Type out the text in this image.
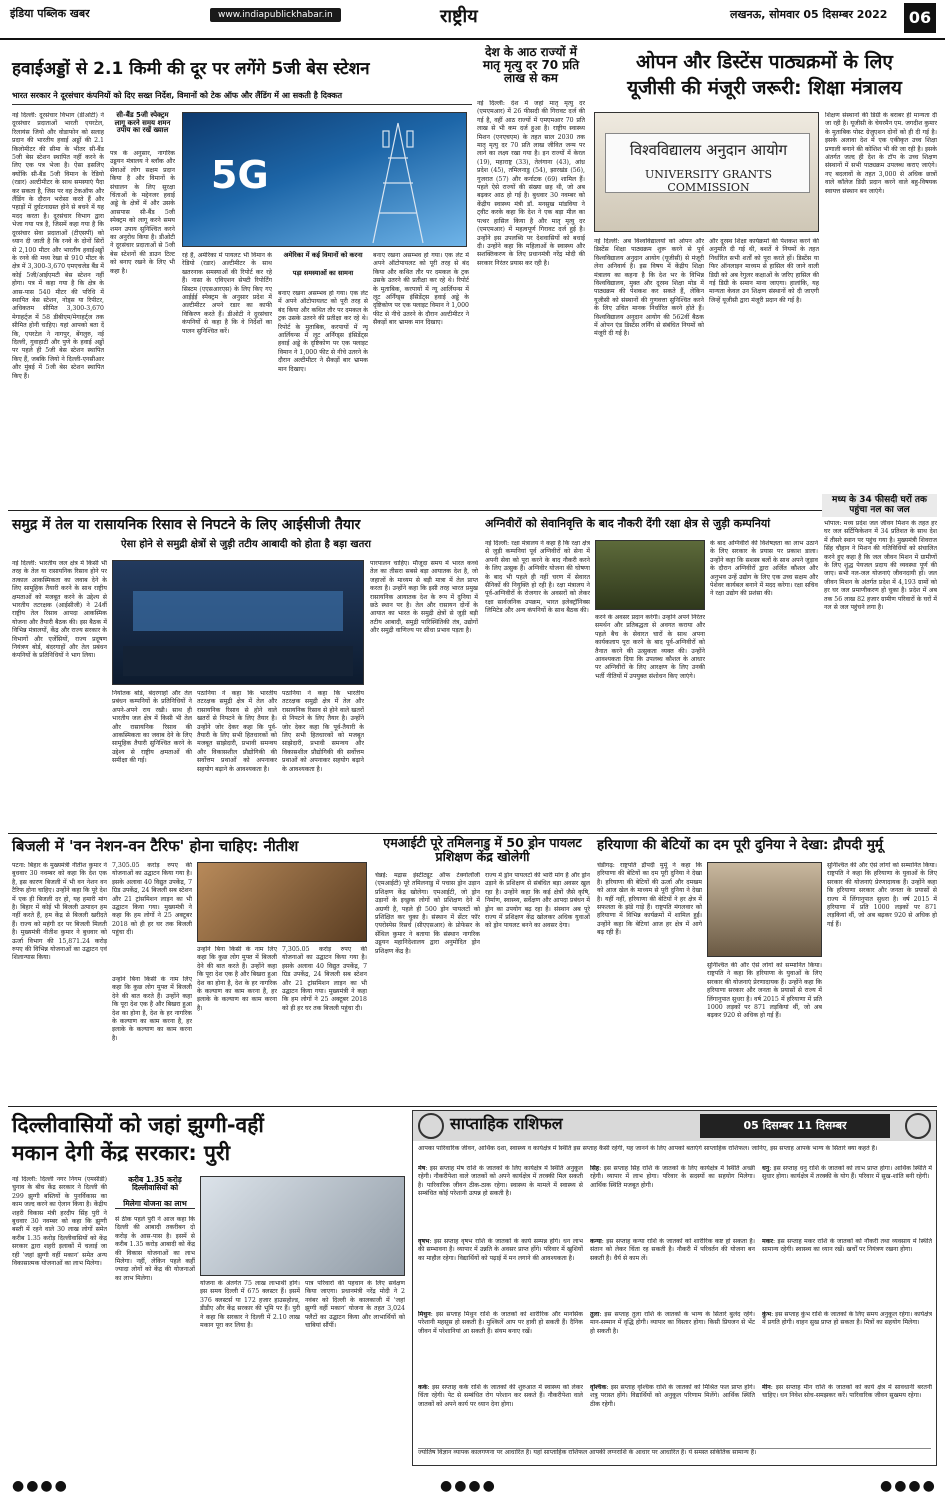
इंडिया पब्लिक खबर	www.indiapublickhabar.in	राष्ट्रीय	लखनऊ, सोमवार 05 दिसम्बर 2022	06
हवाईअड्डों से 2.1 किमी की दूर पर लगेंगे 5जी बेस स्टेशन
भारत सरकार ने दूरसंचार कंपनियों को दिए सख्त निर्देश, विमानों को टेक ऑफ और लैंडिंग में आ सकती है दिक्कत
नई दिल्ली: दूरसंचार विभाग (डीओटी) ने दूरसंचार प्रदाताओं भारती एयरटेल, रिलायंस जियो और वोडाफोन को सलाह प्रदान की भारतीय हवाई अड्डों की 2.1 किलोमीटर की सीमा के भीतर सी-बैंड 5जी बेस स्टेशन स्थापित नहीं करने के लिए एक पत्र भेजा है। ऐसा इसलिए क्योंकि सी-बैंड 5जी विमान के रेडियो (रडार) अल्टीमीटर के साथ समस्याएं पैदा कर सकता है, जिस पर वह टेकऑफ और लैंडिंग के दौरान भरोसा करते हैं और पहाड़ों में दुर्घटनाग्रस्त होने से बचने में यह मदद करता है। दूरसंचार विभाग द्वारा भेजा गया पत्र है, जिसमें कहा गया है कि दूरसंचार सेवा प्रदाताओं (टीएसपी) को ध्यान दी जाती है कि रनवे के दोनों सिरों से 2,100 मीटर और भारतीय हवाईअड्डों के रनवे की मध्य रेखा से 910 मीटर के क्षेत्र में 3,300-3,670 एमएचजेड बैंड में कोई 5जी/आईएमटी बेस स्टेशन नहीं होगा। पत्र में कहा गया है कि क्षेत्र के आस-पास 540 मीटर की परिधि में स्थापित बेस स्टेशन, नोड्स या रिपीटर, अधिकतम सीमित 3,300-3,670 मेगाहर्ट्ज में 58 डीबीएम/मेगाहर्ट्ज तक सीमित होनी चाहिए। यहां आपको बता दें कि, एयरटेल ने नागपुर, बेंगलुरु, नई दिल्ली, गुवाहाटी और पुणे के हवाई अड्डों पर पहले ही 5जी बेस स्टेशन स्थापित किए हैं, जबकि जियो ने दिल्ली-एनसीआर और मुंबई में 5जी बेस स्टेशन स्थापित किए हैं।
सी-बैंड 5जी स्पेक्ट्रम लागू करने समय शमन उपाय का रखें ख्याल
पत्र के अनुसार, नागरिक उड्डयन मंत्रालय ने ब्लॉक और सेवाओं लोग सक्षम प्रदान किया है और विमानों के संचालन के लिए सुरक्षा चिंताओं के मद्देनजर हवाई अड्डे के क्षेत्रों में और उसके आसपास सी-बैंड 5जी स्पेक्ट्रम को लागू करने समय शमन उपाय सुनिश्चित करने का अनुरोध किया है। डीओटी ने दूरसंचार प्रदाताओं से 5जी बेस स्टेशनों की डाउन टिल्ट को बनाए रखने के लिए भी कहा है।
5G
रहे हैं, अमेरिका में पायलट भी विमान के रेडियो (रडार) अल्टीमीटर के साथ खतरनाक समस्याओं की रिपोर्ट कर रहे हैं। नासा के एविएशन सेफ्टी रिपोर्टिंग सिस्टम (एएसआरएस) के लिए किए गए आईईई स्पेक्ट्रम के अनुसार प्रदेश में अल्टीमीटर अपने रडार का काफी विकिरण करते हैं। डीओटी ने दूरसंचार कंपनियों से कहा है कि वे निर्देशों का पालन सुनिश्चित करें।
अमेरिका में कई विमानों को करना
पड़ा समस्याओं का सामना
बनाए रखना असम्भव हो गया। एक लेट में अपने ऑटोपायलट को पूरी तरह से बंद किया और कथित तौर पर दमकल के ट्रक उसके उतरने की प्रतीक्षा कर रहे थे। रिपोर्ट के मुताबिक, करपायों में न्यू आर्लियन्स में लूट अर्निंग्ड्स इंसिडेंट्स हवाई अड्डे के दृष्टिकोण पर एक फ्लाइट विमान ने 1,000 फीट से नीचे उतरने के दौरान अल्टीमीटर ने सैकड़ों बार भ्रामक मान दिखाए।
बनाए रखना असम्भव हो गया। एक लेट में अपने ऑटोपायलट को पूरी तरह से बंद किया और कथित तौर पर दमकल के ट्रक उसके उतरने की प्रतीक्षा कर रहे थे। रिपोर्ट के मुताबिक, करपायों में न्यू आर्लियन्स में लूट अर्निंग्ड्स इंसिडेंट्स हवाई अड्डे के दृष्टिकोण पर एक फ्लाइट विमान ने 1,000 फीट से नीचे उतरने के दौरान अल्टीमीटर ने सैकड़ों बार भ्रामक मान दिखाए।
देश के आठ राज्यों में मातृ मृत्यु दर 70 प्रति लाख से कम
नई दिल्ली: देश में जहां मातृ मृत्यु दर (एमएमआर) में 26 फीसदी की गिरावट दर्ज की गई है, वहीं आठ राज्यों में एमएमआर 70 प्रति लाख से भी कम दर्ज हुआ है। राष्ट्रीय स्वास्थ्य मिशन (एनएचएम) के तहत साल 2030 तक मातृ मृत्यु दर 70 प्रति लाख जीवित जन्म पर लाने का लक्ष्य रखा गया है। इन राज्यों में केरल (19), महाराष्ट्र (33), तेलंगाना (43), आंध्र प्रदेश (45), तमिलनाडु (54), झारखंड (56), गुजरात (57) और कर्नाटक (69) शामिल हैं। पहले ऐसे राज्यों की संख्या छह थी, जो अब बढ़कर आठ हो गई है। बुधवार 30 नवम्बर को केंद्रीय स्वास्थ्य मंत्री डॉ. मनसुख मांडविया ने ट्वीट करके कहा कि देश ने एक बड़ा मील का पत्थर हासिल किया है और मातृ मृत्यु दर (एमएमआर) में महत्वपूर्ण गिरावट दर्ज हुई है। उन्होंने इस उपलब्धि पर देशवासियों को बधाई दी। उन्होंने कहा कि महिलाओं के स्वास्थ्य और सशक्तिकरण के लिए प्रधानमंत्री नरेंद्र मोदी की सरकार निरंतर प्रयास कर रही है।
ओपन और डिस्टेंस पाठ्यक्रमों के लिए
यूजीसी की मंजूरी जरूरी: शिक्षा मंत्रालय
विश्वविद्यालय अनुदान आयोग
UNIVERSITY GRANTS COMMISSION
नई दिल्ली: अब विश्वविद्यालयों को ओपन और डिस्टेंस शिक्षा पाठ्यक्रम शुरू करने से पूर्व विश्वविद्यालय अनुदान आयोग (यूजीसी) से मंजूरी लेना अनिवार्य है। इस विषय में केंद्रीय शिक्षा मंत्रालय का कहना है कि देश भर के विभिन्न विश्वविद्यालय, मुक्त और दूरस्थ शिक्षा मोड में पाठ्यक्रम की पेशकश कर सकते हैं, लेकिन यूजीसी को संस्थानों की गुणवत्ता सुनिश्चित करने के लिए उचित मानक निर्धारित करने होते हैं। विश्वविद्यालय अनुदान आयोग की 562वीं बैठक में ओपन एंड डिस्टेंस लर्निंग से संबंधित नियमों को मंजूरी दी गई है।
और दूरस्थ शिक्षा कार्यक्रमों की पेशकश करने की अनुमति दी गई थी, बशर्ते वे नियमों के तहत निर्धारित सभी शर्तों को पूरा करते हों। डिस्टेंस या फिर ऑनलाइन माध्यम से हासिल की जाने वाली डिग्री को अब रेगुलर कक्षाओं के जरिए हासिल की गई डिग्री के समान माना जाएगा। हालांकि, यह मान्यता केवल उन शिक्षण संस्थानों को दी जाएगी जिन्हें यूजीसी द्वारा मंजूरी प्रदान की गई है।
शिक्षण संस्थानों की डिग्री के बराबर ही मान्यता दी जा रही है। यूजीसी के चेयरमैन एम. जगदीश कुमार के मुताबिक पोस्ट ग्रेजुएशन दोनों को ही दी गई है। इसके अलावा देश में एक एकीकृत उच्च शिक्षा प्रणाली बनाने की कोशिश भी की जा रही है। इसके अंतर्गत जल्द ही देश के टॉप के उच्च शिक्षण संस्थानों में सभी पाठ्यक्रम उपलब्ध कराए जाएंगे। नए बदलावों के तहत 3,000 से अधिक छात्रों वाले कॉलेज डिग्री प्रदान करने वाले बहु-विषयक स्वायत्त संस्थान बन जाएंगे।
समुद्र में तेल या रासायनिक रिसाव से निपटने के लिए आईसीजी तैयार
ऐसा होने से समुद्री क्षेत्रों से जुड़ी तटीय आबादी को होता है बड़ा खतरा
नई दिल्ली: भारतीय जल क्षेत्र में किसी भी तरह के तेल या रासायनिक रिसाव होने पर तत्काल आकस्मिकता का जवाब देने के लिए सामूहिक तैयारी करने के साथ राष्ट्रीय क्षमताओं को मजबूत करने के उद्देश्य से भारतीय तटरक्षक (आईसीजी) ने 24वीं राष्ट्रीय तेल रिसाव आपदा आकस्मिक योजना और तैयारी बैठक की। इस बैठक में विभिन्न मंत्रालयों, केंद्र और राज्य सरकार के विभागों और एजेंसियों, राज्य प्रदूषण नियंत्रण बोर्ड, बंदरगाहों और तेल प्रबंधन कंपनियों के प्रतिनिधियों ने भाग लिया।
निर्यातक बोर्ड, बंदरगाहों और तेल प्रबंधन कम्पनियों के प्रतिनिधियों ने अपने-अपने राय रखी। साथ ही भारतीय जल क्षेत्र में किसी भी तेल और रासायनिक रिसाव की आकस्मिकता का जवाब देने के लिए सामूहिक तैयारी सुनिश्चित करने के उद्देश्य से राष्ट्रीय क्षमताओं की समीक्षा की गई।
पठानिया ने कहा कि भारतीय तटरक्षक समुद्री क्षेत्र में तेल और रासायनिक रिसाव से होने वाले खतरों से निपटने के लिए तैयार है। उन्होंने जोर देकर कहा कि पूर्व-तैयारी के लिए सभी हितधारकों को मजबूत साझेदारी, प्रभावी समन्वय और विकासशील प्रौद्योगिकी की सर्वोत्तम प्रथाओं को अपनाकर सहयोग बढ़ाने के आवश्यकता है।
पठानिया ने कहा कि भारतीय तटरक्षक समुद्री क्षेत्र में तेल और रासायनिक रिसाव से होने वाले खतरों से निपटने के लिए तैयार है। उन्होंने जोर देकर कहा कि पूर्व-तैयारी के लिए सभी हितधारकों को मजबूत साझेदारी, प्रभावी समन्वय और विकासशील प्रौद्योगिकी की सर्वोत्तम प्रथाओं को अपनाकर सहयोग बढ़ाने के आवश्यकता है।
पारपालन चाहिए। मौजूदा समय में भारत कच्चे तेल का तीसरा सबसे बड़ा आयातक देश है, जो जहाजों के माध्यम से बड़ी मात्रा में तेल प्राप्त करता है। उन्होंने कहा कि इसी तरह भारत प्रमुख रासायनिक आयातक देश के रूप में दुनिया में छठे स्थान पर है। तेल और रासायन दोनों के आयात का भारत के समुद्री क्षेत्रों से जुड़ी बड़ी तटीय आबादी, समुद्री पारिस्थितिकी तंत्र, उद्योगों और समुद्री वाणिज्य पर सीधा प्रभाव पड़ता है।
अग्निवीरों को सेवानिवृत्ति के बाद नौकरी देंगी रक्षा क्षेत्र से जुड़ी कम्पनियां
नई दिल्ली: रक्षा मंत्रालय ने कहा है कि रक्षा क्षेत्र से जुड़ी कम्पनियां पूर्व अग्निवीरों को सेना में अपनी सेवा को पूरा करने के बाद नौकरी करने के लिए उत्सुक हैं। अग्निवीर योजना की घोषणा के बाद भी पहले ही नहीं चरण में सेवारत सैनिकों की नियुक्ति हो रही है। रक्षा मंत्रालय ने पूर्व-अग्निवीरों के रोजगार के अवसरों को लेकर रक्षा सार्वजनिक उपक्रम, भारत इलेक्ट्रॉनिक्स लिमिटेड और अन्य कंपनियों के साथ बैठक की।
करने के अवसर प्रदान करेगी। उन्होंने अपने निरंतर समर्थन और प्रतिबद्धता से अवगत कराया और पहले बैच के सेवारत चारों के साथ अपना कार्यकलाप पूरा करने के बाद पूर्व-अग्निवीरों को तैनात करने की उत्सुकता व्यक्त की। उन्होंने आवश्यकता दिया कि उपलब्ध कौशल के आधार पर अग्निवीरों के लिए आरक्षण के लिए उनकी भर्ती नीतियों में उपयुक्त संशोधन किए जाएंगे।
के बाद अग्निवीरों की विशेषज्ञता का लाभ उठाने के लिए सरकार के प्रयास पर प्रकाश डाला। उन्होंने कहा कि सशस्त्र बलों के साथ अपने जुड़ाव के दौरान अग्निवीरों द्वारा अर्जित कौशल और अनुभव उन्हें उद्योग के लिए एक उच्च सक्षम और पेशेवर कार्यबल बनाने में मदद करेगा। रक्षा सचिव ने रक्षा उद्योग की प्रशंसा की।
मध्य के 34 फीसदी घरों तक पहुंचा नल का जल
भोपाल: मध्य प्रदेश जल जीवन मिशन के तहत हर घर जल सर्टिफिकेशन में 34 प्रतिशत के साथ देश में तीसरे स्थान पर पहुंच गया है। मुख्यमंत्री शिवराज सिंह चौहान ने मिशन की गतिविधियों को संचालित करने हुए कहा है कि जल जीवन मिशन में ग्रामीणों के लिए शुद्ध पेयजल प्रदाय की व्यवस्था पूर्ण की जाए। सभी नल-जल योजनाएं जीवनदायी हों। जल जीवन मिशन के अंतर्गत प्रदेश में 4,193 ग्रामों को हर घर जल प्रमाणीकरण हो चुका है। प्रदेश में अब तक 56 लाख 82 हजार ग्रामीण परिवारों के घरों में नल से जल पहुंचने लगा है।
बिजली में 'वन नेशन-वन टैरिफ' होना चाहिए: नीतीश
पटना: बिहार के मुख्यमंत्री नीतीश कुमार ने बुधवार 30 नवम्बर को कहा कि देश एक है, इस कारण बिजली में भी वन नेशन वन टैरिफ होना चाहिए। उन्होंने कहा कि पूरे देश में एक ही बिजली दर हो, यह हमारी मांग है। बिहार में कोई भी बिजली उत्पादन हम नहीं करते हैं, हम केंद्र से बिजली खरीदते हैं। राज्य को महंगी दर पर बिजली मिलती है। मुख्यमंत्री नीतीश कुमार ने बुधवार को ऊर्जा विभाग की 15,871.24 करोड़ रुपए की विभिन्न योजनाओं का उद्घाटन एवं शिलान्यास किया।
7,305.05 करोड़ रुपए की योजनाओं का उद्घाटन किया गया है। इसके अलावा 40 विद्युत उपकेंद्र, 7 ग्रिड उपकेंद्र, 24 बिजली सब स्टेशन और 21 ट्रांसमिशन लाइन का भी उद्घाटन किया गया। मुख्यमंत्री ने कहा कि हम लोगों ने 25 अक्टूबर 2018 को ही हर घर तक बिजली पहुंचा दी।
उन्होंने बिना किसी के नाम लिए कहा कि कुछ लोग मुफ्त में बिजली देने की बात करते हैं। उन्होंने कहा कि पूरा देश एक है और बिखरा हुआ देश का होना है, देश के हर नागरिक के कल्याण का काम करना है, हर इलाके के कल्याण का काम करना है।
उन्होंने बिना किसी के नाम लिए कहा कि कुछ लोग मुफ्त में बिजली देने की बात करते हैं। उन्होंने कहा कि पूरा देश एक है और बिखरा हुआ देश का होना है, देश के हर नागरिक के कल्याण का काम करना है, हर इलाके के कल्याण का काम करना है।
7,305.05 करोड़ रुपए की योजनाओं का उद्घाटन किया गया है। इसके अलावा 40 विद्युत उपकेंद्र, 7 ग्रिड उपकेंद्र, 24 बिजली सब स्टेशन और 21 ट्रांसमिशन लाइन का भी उद्घाटन किया गया। मुख्यमंत्री ने कहा कि हम लोगों ने 25 अक्टूबर 2018 को ही हर घर तक बिजली पहुंचा दी।
एमआईटी पूरे तमिलनाडु में 50 ड्रोन पायलट प्रशिक्षण केंद्र खोलेगी
चेन्नई: मद्रास इंस्टीट्यूट ऑफ टेक्नोलॉजी (एमआईटी) पूरे तमिलनाडु में पचास ड्रोन उड़ान प्रशिक्षण केंद्र खोलेगा। एमआईटी, जो ड्रोन उड़ानों के इच्छुक लोगों को प्रशिक्षण देने में अग्रणी है, पहले ही 500 ड्रोन पायलटों को प्रशिक्षित कर चुका है। संस्थान में सेंटर फॉर एयरोस्पेस रिसर्च (सीएएसआर) के प्रोफेसर के सेंथिल कुमार ने बताया कि संस्थान नागरिक उड्डयन महानिदेशालय द्वारा अनुमोदित ड्रोन प्रशिक्षण केंद्र है।
राज्य में ड्रोन पायलटों की भारी मांग है और ड्रोन उड़ाने के प्रशिक्षण से संबंधित बड़ा अवसर खुल रहा है। उन्होंने कहा कि कई क्षेत्रों जैसे कृषि, निर्माण, स्वास्थ्य, सर्वेक्षण और आपदा प्रबंधन में ड्रोन का उपयोग बढ़ रहा है। संस्थान अब पूरे राज्य में प्रशिक्षण केंद्र खोलकर अधिक युवाओं को ड्रोन पायलट बनने का अवसर देगा।
हरियाणा की बेटियों का दम पूरी दुनिया ने देखा: द्रौपदी मुर्मू
चंडीगढ़: राष्ट्रपति द्रौपदी मुर्मू ने कहा कि हरियाणा की बेटियों का दम पूरी दुनिया ने देखा है। हरियाणा की बेटियों की ऊर्जा और दमखम को आज खेल के माध्यम से पूरी दुनिया ने देखा है। यहीं नहीं, हरियाणा की बेटियों ने हर क्षेत्र में सफलता के झंडे गाड़े हैं। राष्ट्रपति मंगलवार को हरियाणा में विभिन्न कार्यक्रमों में शामिल हुईं। उन्होंने कहा कि बेटियां आज हर क्षेत्र में आगे बढ़ रही हैं।
सुनिश्चित की और ऐसे लोगों को सम्मानित किया। राष्ट्रपति ने कहा कि हरियाणा के युवाओं के लिए सरकार की योजनाएं प्रेरणादायक हैं। उन्होंने कहा कि हरियाणा सरकार और जनता के प्रयासों से राज्य में लिंगानुपात सुधरा है। वर्ष 2015 में हरियाणा में प्रति 1000 लड़कों पर 871 लड़कियां थीं, जो अब बढ़कर 920 से अधिक हो गई हैं।
सुनिश्चित की और ऐसे लोगों को सम्मानित किया। राष्ट्रपति ने कहा कि हरियाणा के युवाओं के लिए सरकार की योजनाएं प्रेरणादायक हैं। उन्होंने कहा कि हरियाणा सरकार और जनता के प्रयासों से राज्य में लिंगानुपात सुधरा है। वर्ष 2015 में हरियाणा में प्रति 1000 लड़कों पर 871 लड़कियां थीं, जो अब बढ़कर 920 से अधिक हो गई हैं।
दिल्लीवासियों को जहां झुग्गी-वहीं
मकान देगी केंद्र सरकार: पुरी
नई दिल्ली: दिल्ली नगर निगम (एमसीडी) चुनाव के बीच केंद्र सरकार ने दिल्ली की 299 झुग्गी बस्तियों के पुनर्विकास का काम जल्द करने का ऐलान किया है। केंद्रीय शहरी विकास मंत्री हरदीप सिंह पुरी ने बुधवार 30 नवम्बर को कहा कि झुग्गी बस्ती में रहने वाले 30 लाख लोगों समेत करीब 1.35 करोड़ दिल्लीवासियों को केंद्र सरकार द्वारा शहरी इलाकों में चलाई जा रही 'जहां झुग्गी वहीं मकान' समेत अन्य विकासात्मक योजनाओं का लाभ मिलेगा।
करीब 1.35 करोड़ दिल्लीवासियों को
मिलेगा योजना का लाभ
से ठीक पहले पुरी ने आज कहा कि दिल्ली की आबादी तकरीबन दो करोड़ के आस-पास है। इसमें से करीब 1.35 करोड़ आबादी को केंद्र की विकास योजनाओं का लाभ मिलेगा। नहीं, लेकिन पहले कहीं ज्यादा लोगों को केंद्र की योजनाओं का लाभ मिलेगा।
योजना के अंतर्गत 75 लाख लाभार्थी होंगे। इस समय दिल्ली में 675 क्लस्टर हैं। इसमें 376 क्लस्टर्स या 172 हजार हाउसहोल्ड, डीडीए और केंद्र सरकार की भूमि पर हैं। पुरी ने कहा कि सरकार ने दिल्ली में 2.10 लाख मकान पूरा कर लिया है।
पात्र परिवारों की पहचान के लिए सर्वेक्षण किया जाएगा। प्रधानमंत्री नरेंद्र मोदी ने 2 नवंबर को दिल्ली के कालकाजी में 'जहां झुग्गी वहीं मकान' योजना के तहत 3,024 फ्लैटों का उद्घाटन किया और लाभार्थियों को चाबियां सौंपीं।
साप्ताहिक राशिफल	05 दिसम्बर 11 दिसम्बर
आपका पारिवारिक जीवन, आर्थिक दशा, स्वास्थ्य व कार्यक्षेत्र में स्थिति इस सप्ताह कैसी रहेगी, यह जानने के लिए आपको बताएंगे साप्ताहिक राशिफल। जानिए, इस सप्ताह आपके भाग्य के सितारे क्या कहते हैं।
मेष: इस सप्ताह मेष राशि के जातकों के लिए कार्यक्षेत्र में स्थिति अनुकूल रहेगी। नौकरीपेशा वाले जातकों को अपने कार्यक्षेत्र में तरक्की मिल सकती है। पारिवारिक जीवन ठीक-ठाक रहेगा। स्वास्थ्य के मामले में स्वास्थ्य से सम्बंधित कोई परेशानी उत्पन्न हो सकती है।
वृषभ: इस सप्ताह वृषभ राशि के जातकों के कार्य सम्पन्न होंगे। धन लाभ की सम्भावना है। व्यापार में उन्नति के अवसर प्राप्त होंगे। परिवार में खुशियों का माहौल रहेगा। विद्यार्थियों को पढ़ाई में मन लगाने की आवश्यकता है।
मिथुन: इस सप्ताह मिथुन राशि के जातकों को शारीरिक और मानसिक परेशानी महसूस हो सकती है। मुश्किलें आप पर हावी हो सकती हैं। दैनिक जीवन में परेशानियां आ सकती हैं। संयम बनाए रखें।
कर्क: इस सप्ताह कर्क राशि के जातकों की शुरुआत में स्वास्थ्य को लेकर चिंता रहेगी। पेट से सम्बंधित रोग परेशान कर सकते हैं। नौकरीपेशा वाले जातकों को अपने कार्य पर ध्यान देना होगा।
सिंह: इस सप्ताह सिंह राशि के जातकों के लिए कार्यक्षेत्र में स्थिति अच्छी रहेगी। व्यापार में लाभ होगा। परिवार के सदस्यों का सहयोग मिलेगा। आर्थिक स्थिति मजबूत होगी।
कन्या: इस सप्ताह कन्या राशि के जातकों को शारीरिक कष्ट हो सकता है। संतान को लेकर चिंता रह सकती है। नौकरी में परिवर्तन की योजना बन सकती है। धैर्य से काम लें।
तुला: इस सप्ताह तुला राशि के जातकों के भाग्य के सितारे बुलंद रहेंगे। मान-सम्मान में वृद्धि होगी। व्यापार का विस्तार होगा। किसी प्रियजन से भेंट हो सकती है।
वृश्चिक: इस सप्ताह वृश्चिक राशि के जातकों को मिश्रित फल प्राप्त होंगे। शत्रु परास्त होंगे। विद्यार्थियों को अनुकूल परिणाम मिलेंगे। आर्थिक स्थिति ठीक रहेगी।
धनु: इस सप्ताह धनु राशि के जातकों को लाभ प्राप्त होगा। आर्थिक स्थिति में सुधार होगा। कार्यक्षेत्र में तरक्की के योग हैं। परिवार में सुख-शांति बनी रहेगी।
मकर: इस सप्ताह मकर राशि के जातकों को नौकरी तथा व्यवसाय में स्थिति सामान्य रहेगी। स्वास्थ्य का ध्यान रखें। खर्चों पर नियंत्रण रखना होगा।
कुंभ: इस सप्ताह कुंभ राशि के जातकों के लिए समय अनुकूल रहेगा। कार्यक्षेत्र में प्रगति होगी। वाहन सुख प्राप्त हो सकता है। मित्रों का सहयोग मिलेगा।
मीन: इस सप्ताह मीन राशि के जातकों को कार्य क्षेत्र में सावधानी बरतनी चाहिए। धन निवेश सोच-समझकर करें। पारिवारिक जीवन सुखमय रहेगा।
ज्योतिष विज्ञान व्यापक कालगणना पर आधारित है। यहां साप्ताहिक राशिफल आपकी लग्नराशि के आधार पर आधारित है। ये समस्त सांकेतिक सामान्य हैं।
●●●●	●●●●	●●●●
